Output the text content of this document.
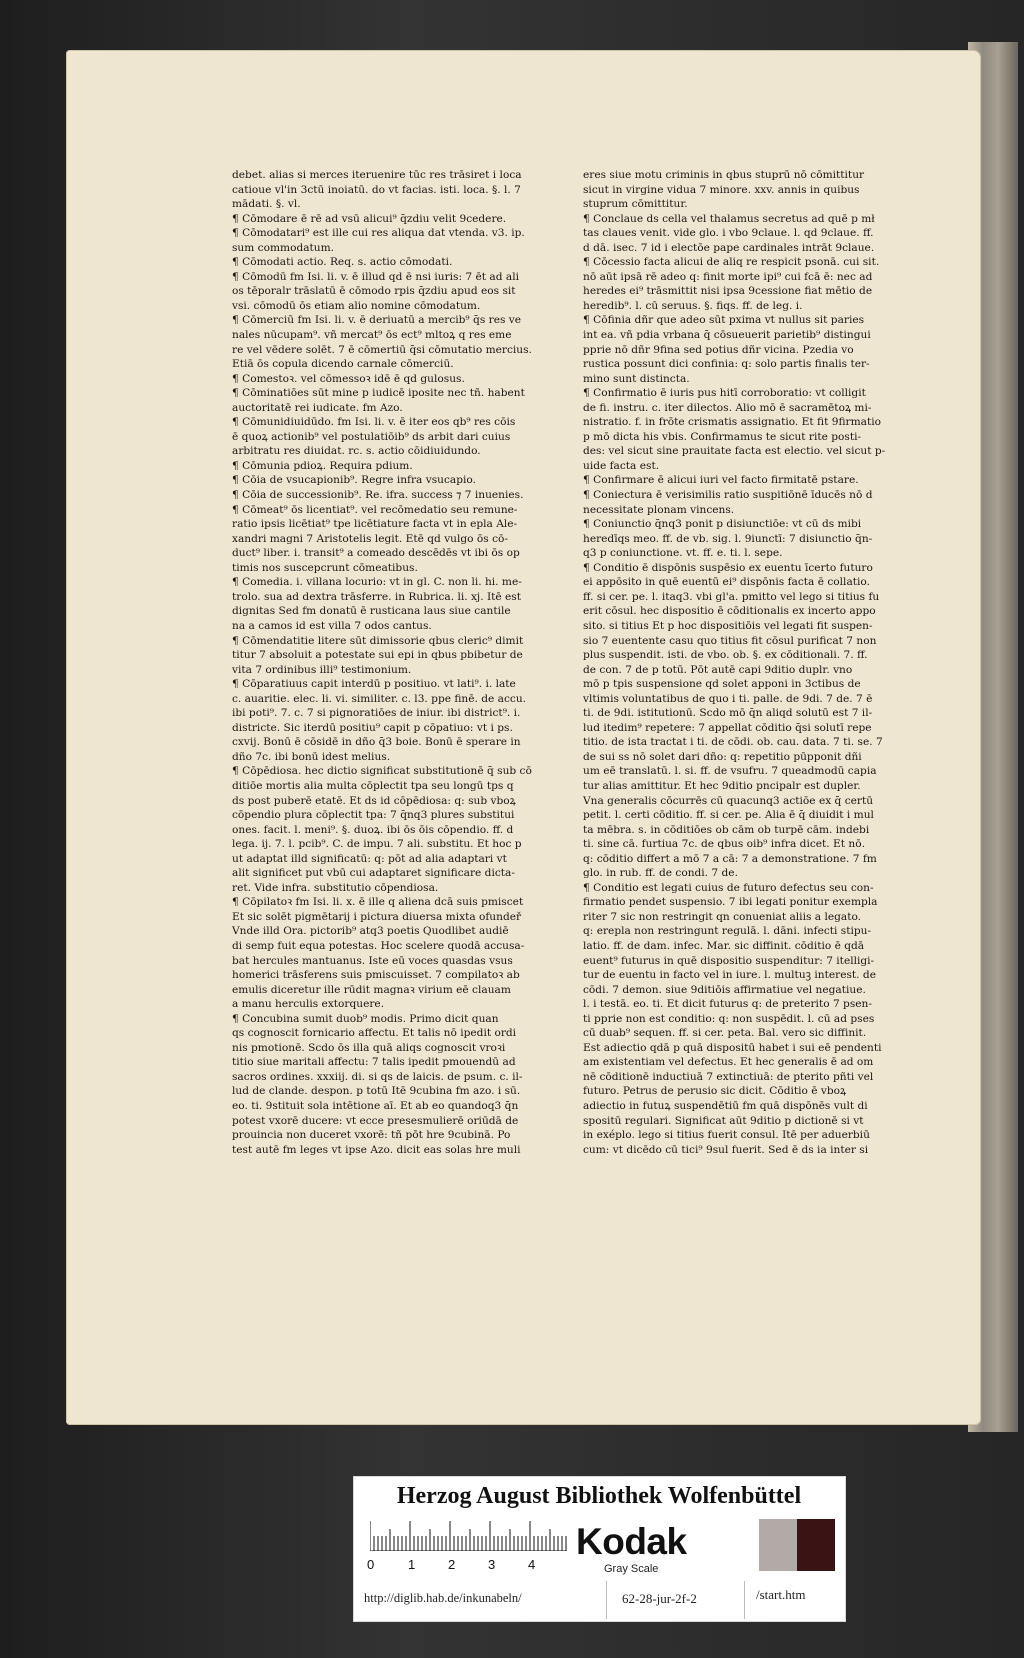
debet. alias si merces iteruenire tūc res trāsiret i loca
catioue vl'in 3ctū inoiatū. do vt facias. isti. loca. §. l. 7
mādati. §. vl.
¶ Cōmodare ē rē ad vsū alicui⁹ q̄zdiu velit 9cedere.
¶ Cōmodatari⁹ est ille cui res aliqua dat vtenda. v3. ip.
sum commodatum.
¶ Cōmodati actio. Req. s. actio cōmodati.
¶ Cōmodū fm Isi. li. v. ē illud qd ē nsi iuris: 7 ēt ad ali
os tēporalr trāslatū ē cōmodo rpis q̄zdiu apud eos sit
vsi. cōmodū ōs etiam alio nomine cōmodatum.
¶ Cōmerciū fm Isi. li. v. ē deriuatū a mercib⁹ q̄s res ve
nales nūcupam⁹. vñ mercat⁹ ōs ect⁹ mltoꝝ q res eme
re vel vēdere solēt. 7 ē cōmertiū q̄si cōmutatio mercius.
Etiā ōs copula dicendo carnale cōmerciū.
¶ Comestoꝛ. vel cōmessoꝛ idē ē qd gulosus.
¶ Cōminatiōes sūt mine p iudicē iposite nec tñ. habent
auctoritatē rei iudicate. fm Azo.
¶ Cōmunidiuidūdo. fm Isi. li. v. ē iter eos qb⁹ res cōis
ē quoꝝ actionib⁹ vel postulatiōib⁹ ds arbit dari cuius
arbitratu res diuidat. rc. s. actio cōidiuidundo.
¶ Cōmunia pdioꝝ. Requira pdium.
¶ Cōia de vsucapionib⁹. Regre infra vsucapio.
¶ Cōia de successionib⁹. Re. ifra. success ⁊ 7 inuenies.
¶ Cōmeat⁹ ōs licentiat⁹. vel recōmedatio seu remune-
ratio ipsis licētiat⁹ tpe licētiature facta vt in epla Ale-
xandri magni 7 Aristotelis legit. Etē qd vulgo ōs cō-
duct⁹ liber. i. transit⁹ a comeado descēdēs vt ibi ōs op
timis nos suscepcrunt cōmeatibus.
¶ Comedia. i. villana locurio: vt in gl. C. non li. hi. me-
trolo. sua ad dextra trāsferre. in Rubrica. li. xj. Itē est
dignitas Sed fm donatū ē rusticana laus siue cantile
na a camos id est villa 7 odos cantus.
¶ Cōmendatitie litere sūt dimissorie qbus cleric⁹ dimit
titur 7 absoluit a potestate sui epi in qbus pbibetur de
vita 7 ordinibus illi⁹ testimonium.
¶ Cōparatiuus capit interdū p positiuo. vt lati⁹. i. late
c. auaritie. elec. li. vi. similiter. c. l3. ppe finē. de accu.
ibi poti⁹. 7. c. 7 si pignoratiōes de iniur. ibi district⁹. i.
districte. Sic iterdū positiu⁹ capit p cōpatiuo: vt i ps.
cxvij. Bonū ē cōsidē in dño q̄3 boie. Bonū ē sperare in
dño 7c. ibi bonū idest melius.
¶ Cōpēdiosa. hec dictio significat substitutionē q̄ sub cō
ditiōe mortis alia multa cōplectit tpa seu longū tps q
ds post puberē etatē. Et ds id cōpēdiosa: q: sub vboꝝ
cōpendio plura cōplectit tpa: 7 q̄nq3 plures substitui
ones. facit. l. meni⁹. §. duoꝝ. ibi ōs ōis cōpendio. ff. d
lega. ij. 7. l. pcib⁹. C. de impu. 7 ali. substitu. Et hoc p
ut adaptat illd significatū: q: pōt ad alia adaptari vt
alit significet put vbū cui adaptaret significare dicta-
ret. Vide infra. substitutio cōpendiosa.
¶ Cōpilatoꝛ fm Isi. li. x. ē ille q aliena dcā suis pmiscet
Et sic solēt pigmētarij i pictura diuersa mixta ofundeř
Vnde illd Ora. pictorib⁹ atq3 poetis Quodlibet audiē
di semp fuit equa potestas. Hoc scelere quodā accusa-
bat hercules mantuanus. Iste eū voces quasdas vsus
homerici trāsferens suis pmiscuisset. 7 compilatoꝛ ab
emulis diceretur ille rūdit magnaꝛ virium eē clauam
a manu herculis extorquere.
¶ Concubina sumit duob⁹ modis. Primo dicit quan
qs cognoscit fornicario affectu. Et talis nō ipedit ordi
nis pmotionē. Scdo ōs illa quā aliqs cognoscit vroꝛi
titio siue maritali affectu: 7 talis ipedit pmouendū ad
sacros ordines. xxxiij. di. si qs de laicis. de psum. c. il-
lud de clande. despon. p totū Itē 9cubina fm azo. i sū.
eo. ti. 9stituit sola intētione aī. Et ab eo quandoq3 q̄n
potest vxorē ducere: vt ecce presesmulierē oriūdā de
prouincia non duceret vxorē: tñ pōt hre 9cubinā. Po
test autē fm leges vt ipse Azo. dicit eas solas hre muli

eres siue motu criminis in qbus stuprū nō cōmittitur
sicut in virgine vidua 7 minore. xxv. annis in quibus
stuprum cōmittitur.
¶ Conclaue ds cella vel thalamus secretus ad quē p mł
tas claues venit. vide glo. i vbo 9claue. l. qd 9claue. ff.
d dā. isec. 7 id i electōe pape cardinales intrāt 9claue.
¶ Cōcessio facta alicui de aliq re respicit psonā. cui sit.
nō aūt ipsā rē adeo q: finit morte ipi⁹ cui fcā ē: nec ad
heredes ei⁹ trāsmittit nisi ipsa 9cessione fiat mētio de
heredib⁹. l. cū seruus. §. fiqs. ff. de leg. i.
¶ Cōfinia dñr que adeo sūt pxima vt nullus sit paries
int ea. vñ pdia vrbana q̄ cōsueuerit parietib⁹ distingui
pprie nō dñr 9fina sed potius dñr vicina. Pzedia vo
rustica possunt dici confinia: q: solo partis finalis ter-
mino sunt distincta.
¶ Confirmatio ē iuris pus hitī corroboratio: vt colligit
de fi. instru. c. iter dilectos. Alio mō ē sacramētoꝝ mi-
nistratio. f. in frōte crismatis assignatio. Et fit 9firmatio
p mō dicta his vbis. Confirmamus te sicut rite posti-
des: vel sicut sine prauitate facta est electio. vel sicut p-
uide facta est.
¶ Confirmare ē alicui iuri vel facto firmitatē pstare.
¶ Coniectura ē verisimilis ratio suspitiōnē īducēs nō d
necessitate plonam vincens.
¶ Coniunctio q̄nq3 ponit p disiunctiōe: vt cū ds mibi
heredīqs meo. ff. de vb. sig. l. 9iunctī: 7 disiunctio q̄n-
q3 p coniunctione. vt. ff. e. ti. l. sepe.
¶ Conditio ē dispōnis suspēsio ex euentu īcerto futuro
ei appōsito in quē euentū ei⁹ dispōnis facta ē collatio.
ff. si cer. pe. l. itaq3. vbi gl'a. pmitto vel lego si titius fu
erit cōsul. hec dispositio ē cōditionalis ex incerto appo
sito. si titius Et p hoc dispositiōis vel legati fit suspen-
sio 7 euentente casu quo titius fit cōsul purificat 7 non
plus suspendit. isti. de vbo. ob. §. ex cōditionali. 7. ff.
de con. 7 de p totū. Pōt autē capi 9ditio duplr. vno
mō p tpis suspensione qd solet apponi in 3ctibus de
vltimis voluntatibus de quo i ti. palle. de 9di. 7 de. 7 ē
ti. de 9di. istitutionū. Scdo mō q̄n aliqd solutū est 7 il-
lud itedim⁹ repetere: 7 appellat cōditio q̄si solutī repe
titio. de ista tractat i ti. de cōdi. ob. cau. data. 7 ti. se. 7
de sui ss nō solet dari dño: q: repetitio pūpponit dñi
um eē translatū. l. si. ff. de vsufru. 7 queadmodū capia
tur alias amittitur. Et hec 9ditio pncipalr est dupler.
Vna generalis cōcurrēs cū quacunq3 actiōe ex q̄ certū
petit. l. certi cōditio. ff. si cer. pe. Alia ē q̄ diuidit i mul
ta mēbra. s. in cōditiōes ob cām ob turpē cām. indebi
ti. sine cā. furtiua 7c. de qbus oib⁹ infra dicet. Et nō.
q: cōditio differt a mō 7 a cā: 7 a demonstratione. 7 fm
glo. in rub. ff. de condi. 7 de.
¶ Conditio est legati cuius de futuro defectus seu con-
firmatio pendet suspensio. 7 ibi legati ponitur exempla
riter 7 sic non restringit qn conueniat aliis a legato.
q: erepla non restringunt regulā. l. dāni. infecti stipu-
latio. ff. de dam. infec. Mar. sic diffinit. cōditio ē qdā
euent⁹ futurus in quē dispositio suspenditur: 7 itelligi-
tur de euentu in facto vel in iure. l. multuꝫ interest. de
cōdi. 7 demon. siue 9ditiōis affirmatiue vel negatiue.
l. i testā. eo. ti. Et dicit futurus q: de preterito 7 psen-
ti pprie non est conditio: q: non suspēdit. l. cū ad pses
cū duab⁹ sequen. ff. si cer. peta. Bal. vero sic diffinit.
Est adiectio qdā p quā dispositū habet i sui eē pendenti
am existentiam vel defectus. Et hec generalis ē ad om
nē cōditionē inductiuā 7 extinctiuā: de pterito pñti vel
futuro. Petrus de perusio sic dicit. Cōditio ē vboꝝ
adiectio in futuꝝ suspendētiū fm quā dispōnēs vult di
spositū regulari. Significat aūt 9ditio p dictionē si vt
in exéplo. lego si titius fuerit consul. Itē per aduerbiū
cum: vt dicēdo cū tici⁹ 9sul fuerit. Sed ē ds ia inter si

Herzog August Bibliothek Wolfenbüttel
0	1	2	3	4
Kodak
Gray Scale
http://diglib.hab.de/inkunabeln/	62-28-jur-2f-2	/start.htm
